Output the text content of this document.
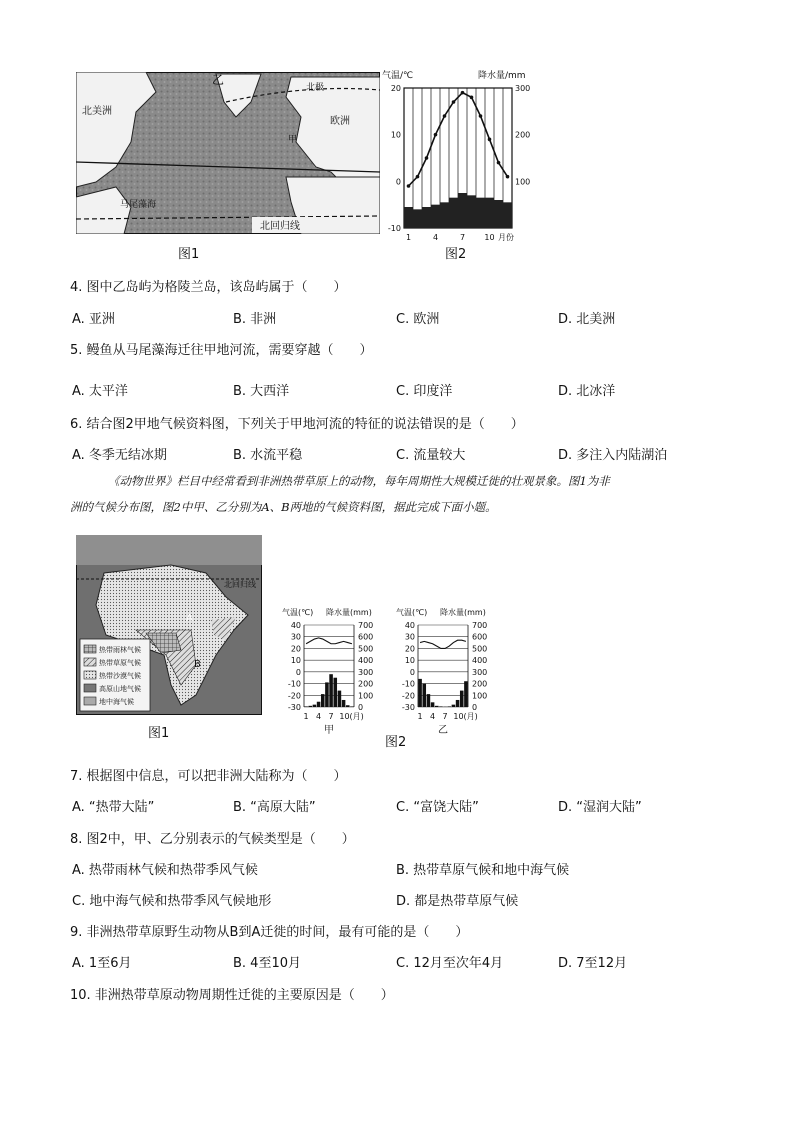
北美洲
欧洲
甲
乙
北极
马尾藻海
北回归线
图1
气温/℃	降水量/mm
20
10
0
-10
300
200
100
1	4	7 10 月份
图2
4. 图中乙岛屿为格陵兰岛，该岛屿属于（　　）
A. 亚洲	B. 非洲	C. 欧洲	D. 北美洲
5. 鳗鱼从马尾藻海迁往甲地河流，需要穿越（　　）
A. 太平洋	B. 大西洋	C. 印度洋	D. 北冰洋
6. 结合图2甲地气候资料图，下列关于甲地河流的特征的说法错误的是（　　）
A. 冬季无结冰期	B. 水流平稳	C. 流量较大	D. 多注入内陆湖泊
《动物世界》栏目中经常看到非洲热带草原上的动物，每年周期性大规模迁徙的壮观景象。图1为非
洲的气候分布图，图2中甲、乙分别为A、B两地的气候资料图，据此完成下面小题。
北回归线
A
B
热带雨林气候
热带草原气候
热带沙漠气候
高原山地气候
地中海气候
图1
气温(℃) 降水量(mm)
40
30
20
10
0
-10
-20
-30
700
600
500
400
300
200
100
0
1 4 7 10(月)
甲
气温(℃) 降水量(mm)
40
30
20
10
0
-10
-20
-30
700
600
500
400
300
200
100
0
1 4 7 10(月)
乙
图2
7. 根据图中信息，可以把非洲大陆称为（　　）
A. “热带大陆”	B. “高原大陆”	C. “富饶大陆”	D. “湿润大陆”
8. 图2中，甲、乙分别表示的气候类型是（　　）
A. 热带雨林气候和热带季风气候	B. 热带草原气候和地中海气候
C. 地中海气候和热带季风气候地形	D. 都是热带草原气候
9. 非洲热带草原野生动物从B到A迁徙的时间，最有可能的是（　　）
A. 1至6月	B. 4至10月	C. 12月至次年4月	D. 7至12月
10. 非洲热带草原动物周期性迁徙的主要原因是（　　）
